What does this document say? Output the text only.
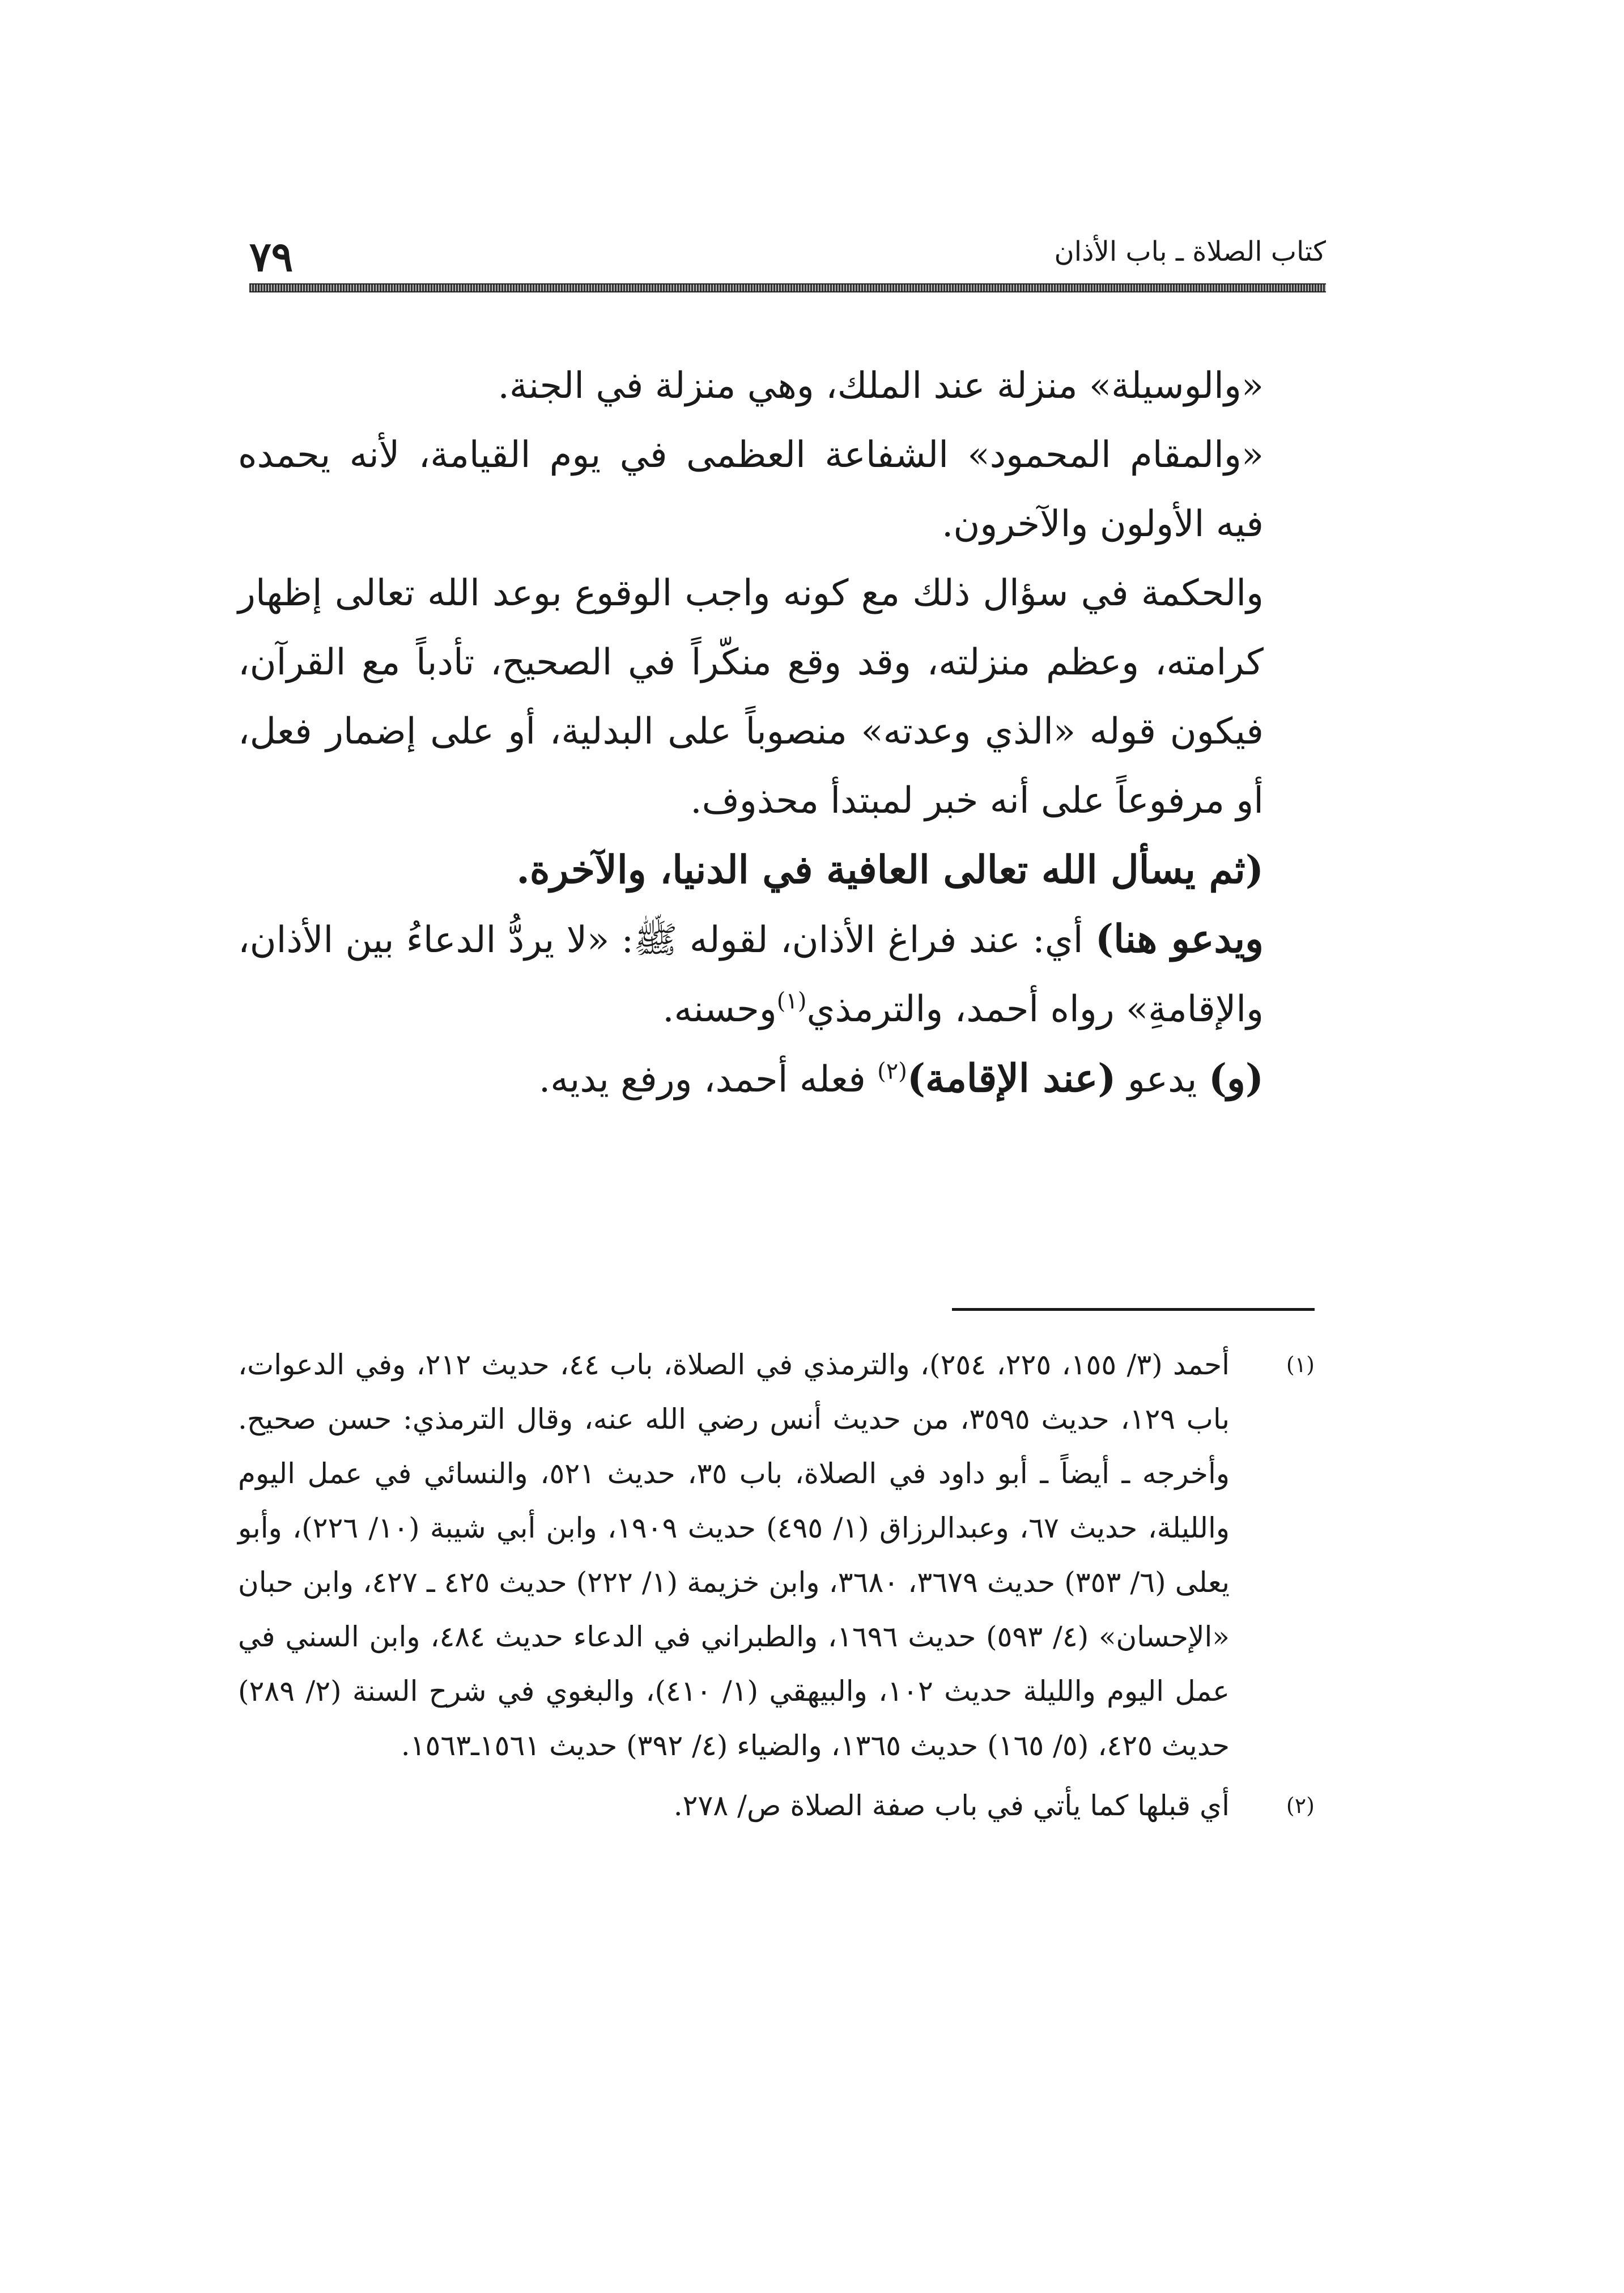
٧٩	كتاب الصلاة ـ باب الأذان

«والوسيلة» منزلة عند الملك، وهي منزلة في الجنة.

«والمقام المحمود» الشفاعة العظمى في يوم القيامة، لأنه يحمده فيه الأولون والآخرون.

والحكمة في سؤال ذلك مع كونه واجب الوقوع بوعد الله تعالى إظهار كرامته، وعظم منزلته، وقد وقع منكّراً في الصحيح، تأدباً مع القرآن، فيكون قوله «الذي وعدته» منصوباً على البدلية، أو على إضمار فعل، أو مرفوعاً على أنه خبر لمبتدأ محذوف.

(ثم يسأل الله تعالى العافية في الدنيا، والآخرة.

ويدعو هنا) أي: عند فراغ الأذان، لقوله ﷺ: «لا يردُّ الدعاءُ بين الأذان، والإقامةِ» رواه أحمد، والترمذي$^{(١)}$وحسنه.

(و) يدعو (عند الإقامة)$^{(٢)}$ فعله أحمد، ورفع يديه.

(١)
أحمد (٣/ ١٥٥، ٢٢٥، ٢٥٤)، والترمذي في الصلاة، باب ٤٤، حديث ٢١٢، وفي الدعوات، باب ١٢٩، حديث ٣٥٩٥، من حديث أنس رضي الله عنه، وقال الترمذي: حسن صحيح. وأخرجه ـ أيضاً ـ أبو داود في الصلاة، باب ٣٥، حديث ٥٢١، والنسائي في عمل اليوم والليلة، حديث ٦٧، وعبدالرزاق (١/ ٤٩٥) حديث ١٩٠٩، وابن أبي شيبة (١٠/ ٢٢٦)، وأبو يعلى (٦/ ٣٥٣) حديث ٣٦٧٩، ٣٦٨٠، وابن خزيمة (١/ ٢٢٢) حديث ٤٢٥ ـ ٤٢٧، وابن حبان «الإحسان» (٤/ ٥٩٣) حديث ١٦٩٦، والطبراني في الدعاء حديث ٤٨٤، وابن السني في عمل اليوم والليلة حديث ١٠٢، والبيهقي (١/ ٤١٠)، والبغوي في شرح السنة (٢/ ٢٨٩) حديث ٤٢٥، (٥/ ١٦٥) حديث ١٣٦٥، والضياء (٤/ ٣٩٢) حديث ١٥٦١ـ١٥٦٣.
(٢)
أي قبلها كما يأتي في باب صفة الصلاة ص/ ٢٧٨.
